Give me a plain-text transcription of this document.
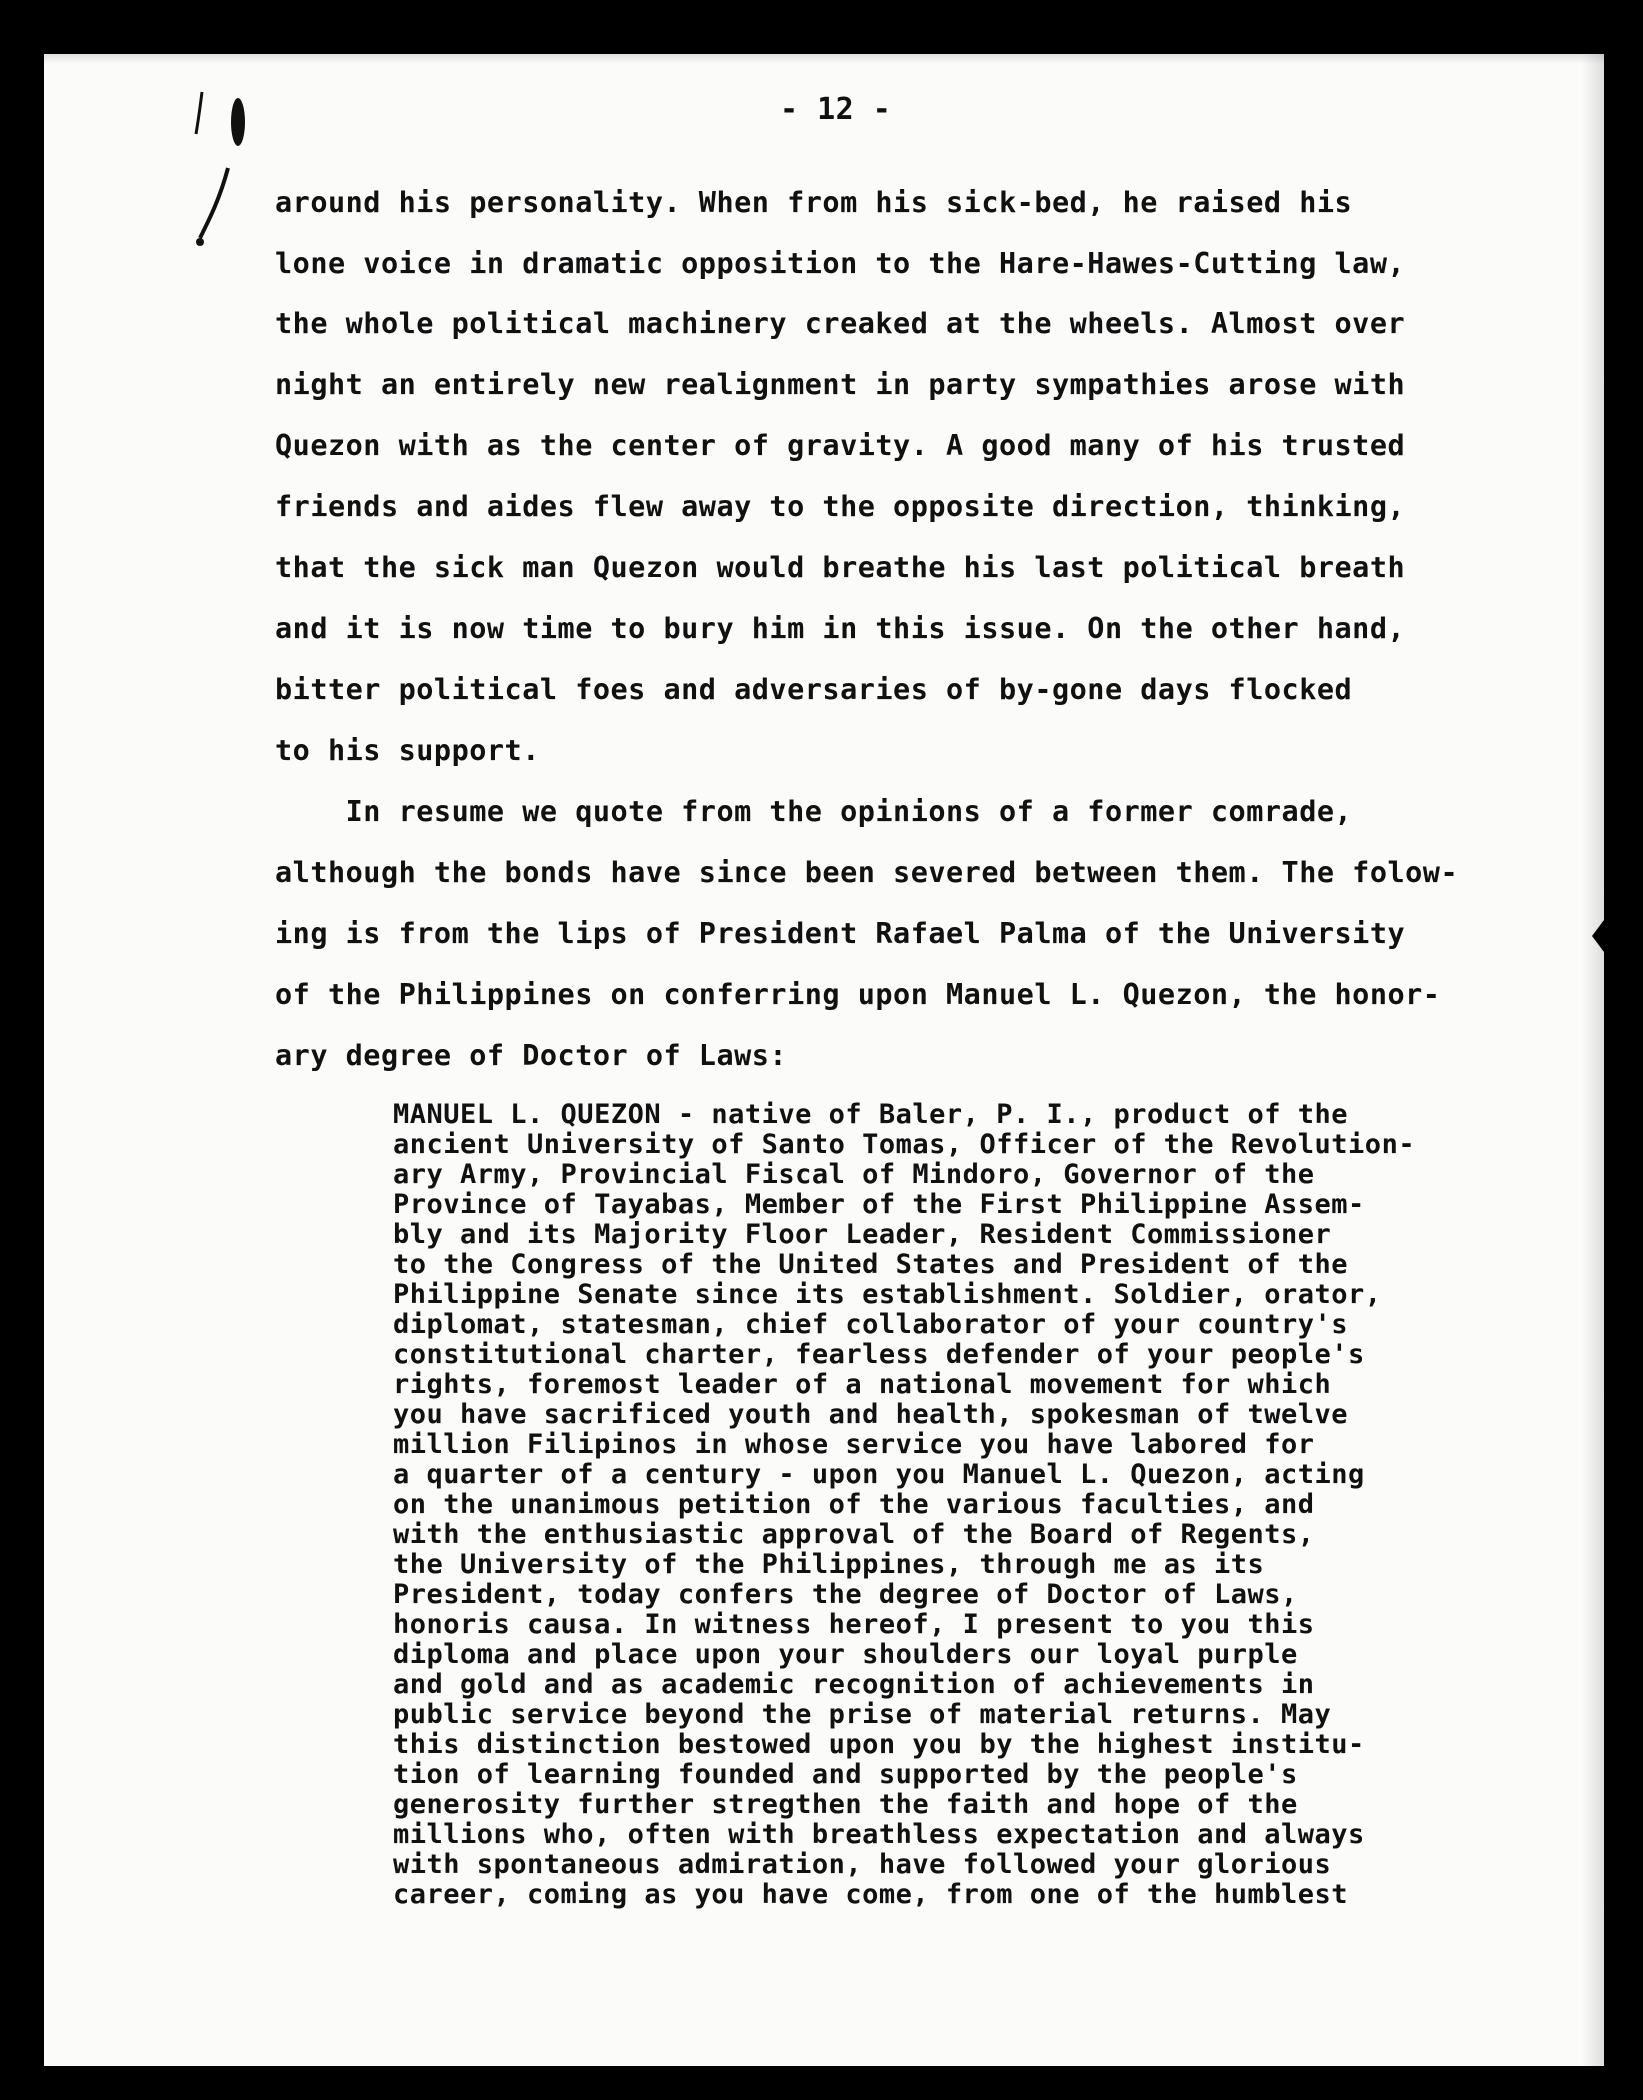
- 12 -
around his personality. When from his sick-bed, he raised his
lone voice in dramatic opposition to the Hare-Hawes-Cutting law,
the whole political machinery creaked at the wheels. Almost over
night an entirely new realignment in party sympathies arose with
Quezon with as the center of gravity. A good many of his trusted
friends and aides flew away to the opposite direction, thinking,
that the sick man Quezon would breathe his last political breath
and it is now time to bury him in this issue. On the other hand,
bitter political foes and adversaries of by-gone days flocked
to his support.
In resume we quote from the opinions of a former comrade,
although the bonds have since been severed between them. The folow-
ing is from the lips of President Rafael Palma of the University
of the Philippines on conferring upon Manuel L. Quezon, the honor-
ary degree of Doctor of Laws:
MANUEL L. QUEZON - native of Baler, P. I., product of the
ancient University of Santo Tomas, Officer of the Revolution-
ary Army, Provincial Fiscal of Mindoro, Governor of the
Province of Tayabas, Member of the First Philippine Assem-
bly and its Majority Floor Leader, Resident Commissioner
to the Congress of the United States and President of the
Philippine Senate since its establishment. Soldier, orator,
diplomat, statesman, chief collaborator of your country's
constitutional charter, fearless defender of your people's
rights, foremost leader of a national movement for which
you have sacrificed youth and health, spokesman of twelve
million Filipinos in whose service you have labored for
a quarter of a century - upon you Manuel L. Quezon, acting
on the unanimous petition of the various faculties, and
with the enthusiastic approval of the Board of Regents,
the University of the Philippines, through me as its
President, today confers the degree of Doctor of Laws,
honoris causa. In witness hereof, I present to you this
diploma and place upon your shoulders our loyal purple
and gold and as academic recognition of achievements in
public service beyond the prise of material returns. May
this distinction bestowed upon you by the highest institu-
tion of learning founded and supported by the people's
generosity further stregthen the faith and hope of the
millions who, often with breathless expectation and always
with spontaneous admiration, have followed your glorious
career, coming as you have come, from one of the humblest
